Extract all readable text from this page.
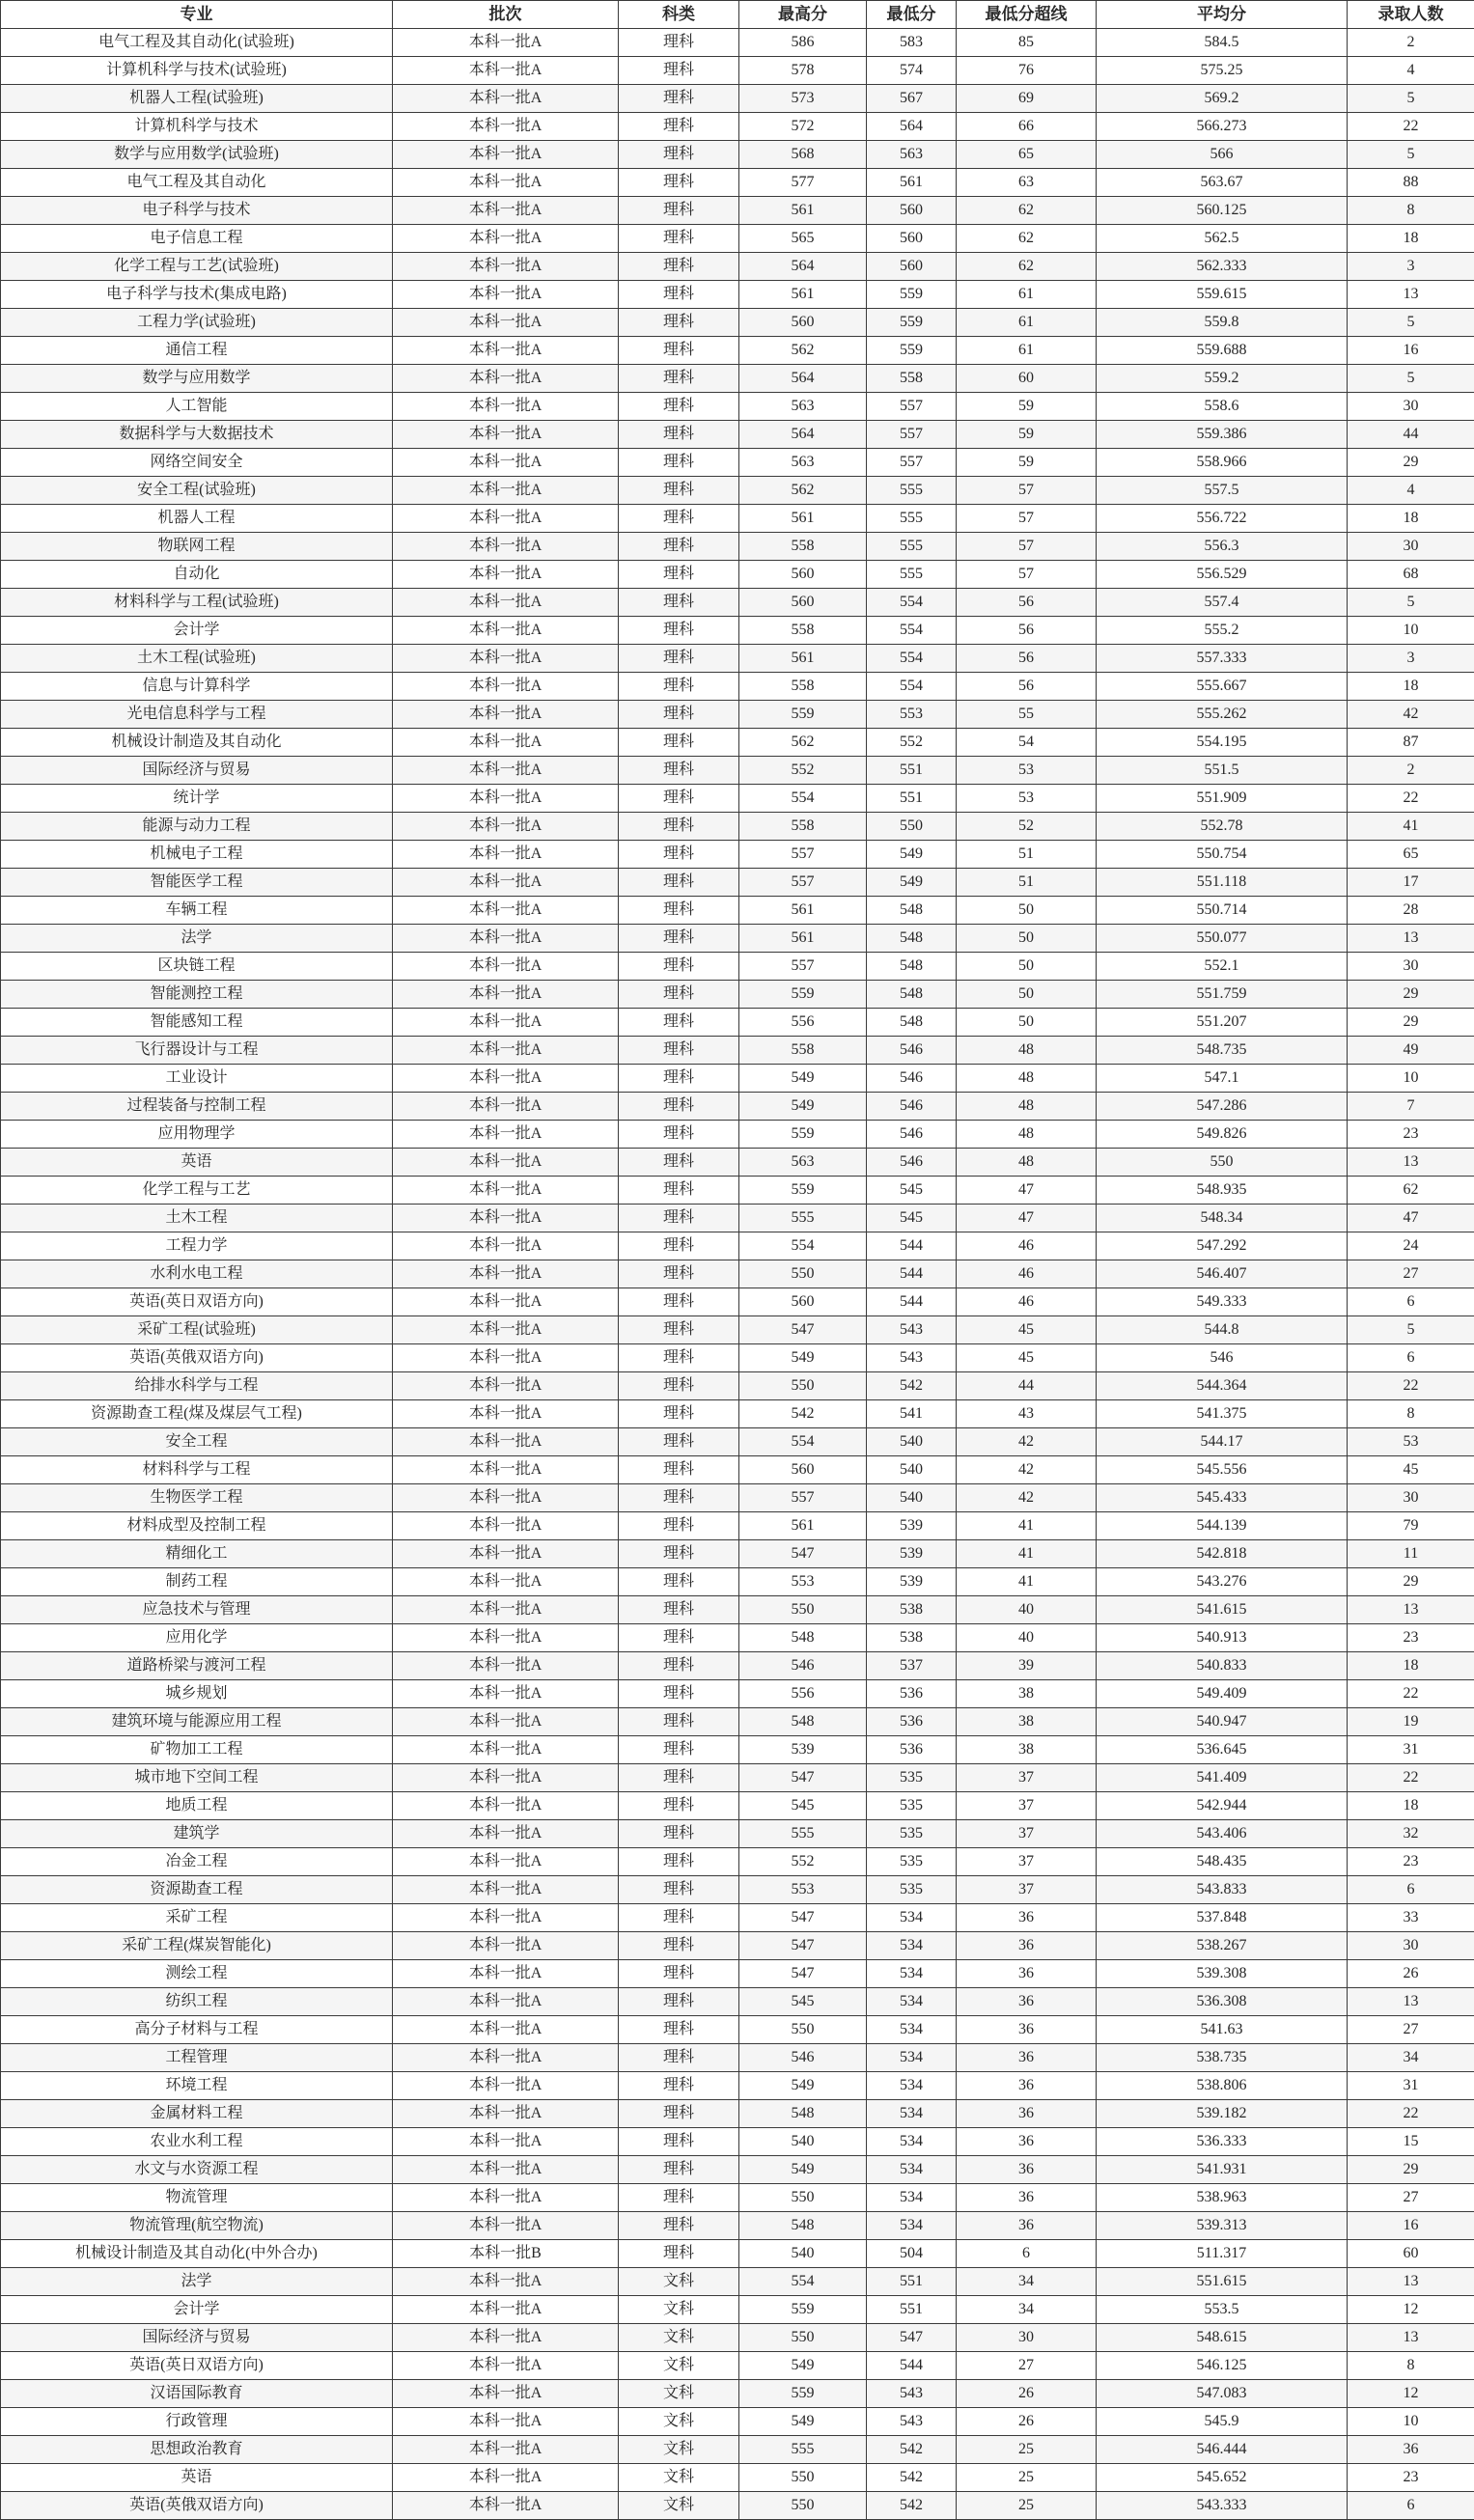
专业	批次	科类	最高分	最低分	最低分超线	平均分	录取人数
电气工程及其自动化(试验班)	本科一批A	理科	586	583	85	584.5	2
计算机科学与技术(试验班)	本科一批A	理科	578	574	76	575.25	4
机器人工程(试验班)	本科一批A	理科	573	567	69	569.2	5
计算机科学与技术	本科一批A	理科	572	564	66	566.273	22
数学与应用数学(试验班)	本科一批A	理科	568	563	65	566	5
电气工程及其自动化	本科一批A	理科	577	561	63	563.67	88
电子科学与技术	本科一批A	理科	561	560	62	560.125	8
电子信息工程	本科一批A	理科	565	560	62	562.5	18
化学工程与工艺(试验班)	本科一批A	理科	564	560	62	562.333	3
电子科学与技术(集成电路)	本科一批A	理科	561	559	61	559.615	13
工程力学(试验班)	本科一批A	理科	560	559	61	559.8	5
通信工程	本科一批A	理科	562	559	61	559.688	16
数学与应用数学	本科一批A	理科	564	558	60	559.2	5
人工智能	本科一批A	理科	563	557	59	558.6	30
数据科学与大数据技术	本科一批A	理科	564	557	59	559.386	44
网络空间安全	本科一批A	理科	563	557	59	558.966	29
安全工程(试验班)	本科一批A	理科	562	555	57	557.5	4
机器人工程	本科一批A	理科	561	555	57	556.722	18
物联网工程	本科一批A	理科	558	555	57	556.3	30
自动化	本科一批A	理科	560	555	57	556.529	68
材料科学与工程(试验班)	本科一批A	理科	560	554	56	557.4	5
会计学	本科一批A	理科	558	554	56	555.2	10
土木工程(试验班)	本科一批A	理科	561	554	56	557.333	3
信息与计算科学	本科一批A	理科	558	554	56	555.667	18
光电信息科学与工程	本科一批A	理科	559	553	55	555.262	42
机械设计制造及其自动化	本科一批A	理科	562	552	54	554.195	87
国际经济与贸易	本科一批A	理科	552	551	53	551.5	2
统计学	本科一批A	理科	554	551	53	551.909	22
能源与动力工程	本科一批A	理科	558	550	52	552.78	41
机械电子工程	本科一批A	理科	557	549	51	550.754	65
智能医学工程	本科一批A	理科	557	549	51	551.118	17
车辆工程	本科一批A	理科	561	548	50	550.714	28
法学	本科一批A	理科	561	548	50	550.077	13
区块链工程	本科一批A	理科	557	548	50	552.1	30
智能测控工程	本科一批A	理科	559	548	50	551.759	29
智能感知工程	本科一批A	理科	556	548	50	551.207	29
飞行器设计与工程	本科一批A	理科	558	546	48	548.735	49
工业设计	本科一批A	理科	549	546	48	547.1	10
过程装备与控制工程	本科一批A	理科	549	546	48	547.286	7
应用物理学	本科一批A	理科	559	546	48	549.826	23
英语	本科一批A	理科	563	546	48	550	13
化学工程与工艺	本科一批A	理科	559	545	47	548.935	62
土木工程	本科一批A	理科	555	545	47	548.34	47
工程力学	本科一批A	理科	554	544	46	547.292	24
水利水电工程	本科一批A	理科	550	544	46	546.407	27
英语(英日双语方向)	本科一批A	理科	560	544	46	549.333	6
采矿工程(试验班)	本科一批A	理科	547	543	45	544.8	5
英语(英俄双语方向)	本科一批A	理科	549	543	45	546	6
给排水科学与工程	本科一批A	理科	550	542	44	544.364	22
资源勘查工程(煤及煤层气工程)	本科一批A	理科	542	541	43	541.375	8
安全工程	本科一批A	理科	554	540	42	544.17	53
材料科学与工程	本科一批A	理科	560	540	42	545.556	45
生物医学工程	本科一批A	理科	557	540	42	545.433	30
材料成型及控制工程	本科一批A	理科	561	539	41	544.139	79
精细化工	本科一批A	理科	547	539	41	542.818	11
制药工程	本科一批A	理科	553	539	41	543.276	29
应急技术与管理	本科一批A	理科	550	538	40	541.615	13
应用化学	本科一批A	理科	548	538	40	540.913	23
道路桥梁与渡河工程	本科一批A	理科	546	537	39	540.833	18
城乡规划	本科一批A	理科	556	536	38	549.409	22
建筑环境与能源应用工程	本科一批A	理科	548	536	38	540.947	19
矿物加工工程	本科一批A	理科	539	536	38	536.645	31
城市地下空间工程	本科一批A	理科	547	535	37	541.409	22
地质工程	本科一批A	理科	545	535	37	542.944	18
建筑学	本科一批A	理科	555	535	37	543.406	32
冶金工程	本科一批A	理科	552	535	37	548.435	23
资源勘查工程	本科一批A	理科	553	535	37	543.833	6
采矿工程	本科一批A	理科	547	534	36	537.848	33
采矿工程(煤炭智能化)	本科一批A	理科	547	534	36	538.267	30
测绘工程	本科一批A	理科	547	534	36	539.308	26
纺织工程	本科一批A	理科	545	534	36	536.308	13
高分子材料与工程	本科一批A	理科	550	534	36	541.63	27
工程管理	本科一批A	理科	546	534	36	538.735	34
环境工程	本科一批A	理科	549	534	36	538.806	31
金属材料工程	本科一批A	理科	548	534	36	539.182	22
农业水利工程	本科一批A	理科	540	534	36	536.333	15
水文与水资源工程	本科一批A	理科	549	534	36	541.931	29
物流管理	本科一批A	理科	550	534	36	538.963	27
物流管理(航空物流)	本科一批A	理科	548	534	36	539.313	16
机械设计制造及其自动化(中外合办)	本科一批B	理科	540	504	6	511.317	60
法学	本科一批A	文科	554	551	34	551.615	13
会计学	本科一批A	文科	559	551	34	553.5	12
国际经济与贸易	本科一批A	文科	550	547	30	548.615	13
英语(英日双语方向)	本科一批A	文科	549	544	27	546.125	8
汉语国际教育	本科一批A	文科	559	543	26	547.083	12
行政管理	本科一批A	文科	549	543	26	545.9	10
思想政治教育	本科一批A	文科	555	542	25	546.444	36
英语	本科一批A	文科	550	542	25	545.652	23
英语(英俄双语方向)	本科一批A	文科	550	542	25	543.333	6
